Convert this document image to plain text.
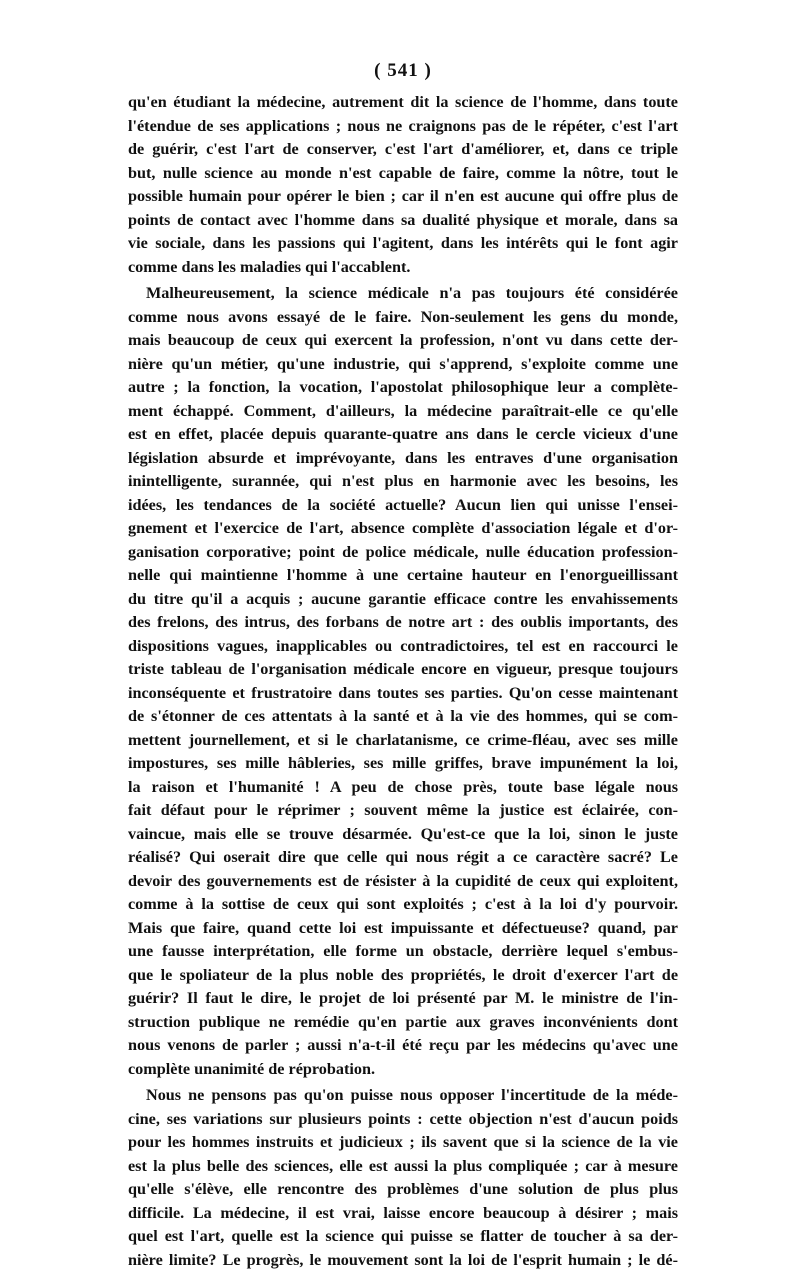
( 541 )
qu'en étudiant la médecine, autrement dit la science de l'homme, dans toute
l'étendue de ses applications ; nous ne craignons pas de le répéter, c'est l'art
de guérir, c'est l'art de conserver, c'est l'art d'améliorer, et, dans ce triple
but, nulle science au monde n'est capable de faire, comme la nôtre, tout le
possible humain pour opérer le bien ; car il n'en est aucune qui offre plus de
points de contact avec l'homme dans sa dualité physique et morale, dans sa
vie sociale, dans les passions qui l'agitent, dans les intérêts qui le font agir
comme dans les maladies qui l'accablent.
Malheureusement, la science médicale n'a pas toujours été considérée
comme nous avons essayé de le faire. Non-seulement les gens du monde,
mais beaucoup de ceux qui exercent la profession, n'ont vu dans cette der-
nière qu'un métier, qu'une industrie, qui s'apprend, s'exploite comme une
autre ; la fonction, la vocation, l'apostolat philosophique leur a complète-
ment échappé. Comment, d'ailleurs, la médecine paraîtrait-elle ce qu'elle
est en effet, placée depuis quarante-quatre ans dans le cercle vicieux d'une
législation absurde et imprévoyante, dans les entraves d'une organisation
inintelligente, surannée, qui n'est plus en harmonie avec les besoins, les
idées, les tendances de la société actuelle? Aucun lien qui unisse l'ensei-
gnement et l'exercice de l'art, absence complète d'association légale et d'or-
ganisation corporative; point de police médicale, nulle éducation profession-
nelle qui maintienne l'homme à une certaine hauteur en l'enorgueillissant
du titre qu'il a acquis ; aucune garantie efficace contre les envahissements
des frelons, des intrus, des forbans de notre art : des oublis importants, des
dispositions vagues, inapplicables ou contradictoires, tel est en raccourci le
triste tableau de l'organisation médicale encore en vigueur, presque toujours
inconséquente et frustratoire dans toutes ses parties. Qu'on cesse maintenant
de s'étonner de ces attentats à la santé et à la vie des hommes, qui se com-
mettent journellement, et si le charlatanisme, ce crime-fléau, avec ses mille
impostures, ses mille hâbleries, ses mille griffes, brave impunément la loi,
la raison et l'humanité ! A peu de chose près, toute base légale nous
fait défaut pour le réprimer ; souvent même la justice est éclairée, con-
vaincue, mais elle se trouve désarmée. Qu'est-ce que la loi, sinon le juste
réalisé? Qui oserait dire que celle qui nous régit a ce caractère sacré? Le
devoir des gouvernements est de résister à la cupidité de ceux qui exploitent,
comme à la sottise de ceux qui sont exploités ; c'est à la loi d'y pourvoir.
Mais que faire, quand cette loi est impuissante et défectueuse? quand, par
une fausse interprétation, elle forme un obstacle, derrière lequel s'embus-
que le spoliateur de la plus noble des propriétés, le droit d'exercer l'art de
guérir? Il faut le dire, le projet de loi présenté par M. le ministre de l'in-
struction publique ne remédie qu'en partie aux graves inconvénients dont
nous venons de parler ; aussi n'a-t-il été reçu par les médecins qu'avec une
complète unanimité de réprobation.
Nous ne pensons pas qu'on puisse nous opposer l'incertitude de la méde-
cine, ses variations sur plusieurs points : cette objection n'est d'aucun poids
pour les hommes instruits et judicieux ; ils savent que si la science de la vie
est la plus belle des sciences, elle est aussi la plus compliquée ; car à mesure
qu'elle s'élève, elle rencontre des problèmes d'une solution de plus plus
difficile. La médecine, il est vrai, laisse encore beaucoup à désirer ; mais
quel est l'art, quelle est la science qui puisse se flatter de toucher à sa der-
nière limite? Le progrès, le mouvement sont la loi de l'esprit humain ; le dé-
